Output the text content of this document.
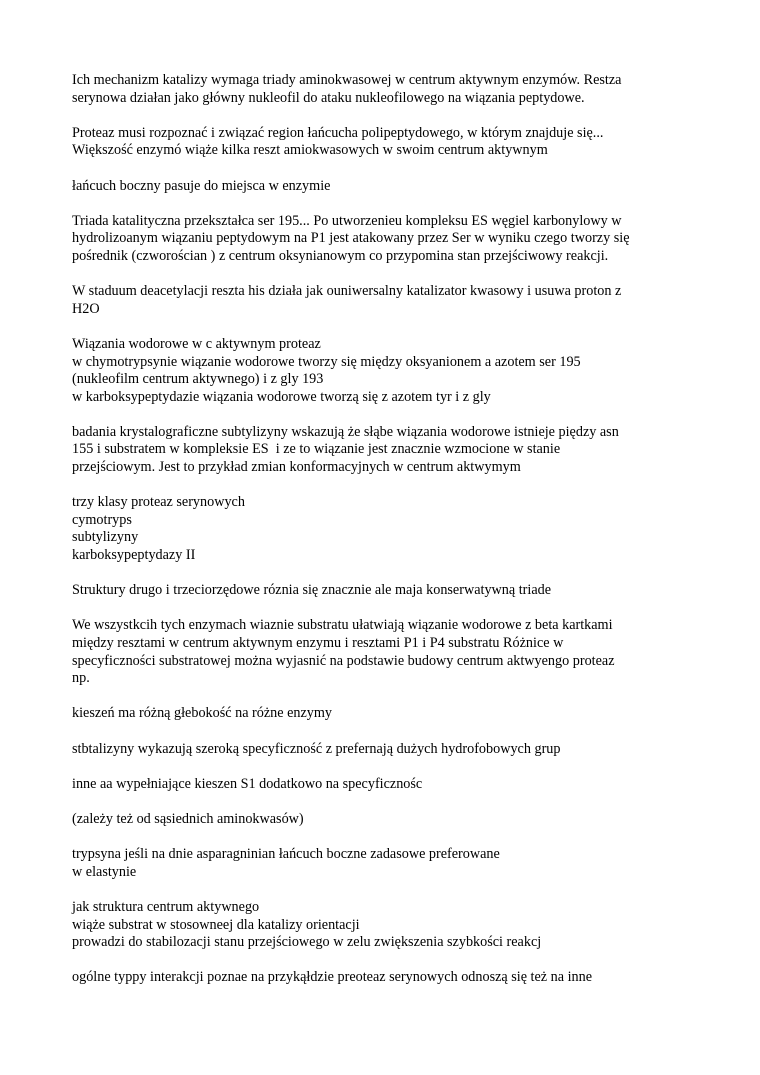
Ich mechanizm katalizy wymaga triady aminokwasowej w centrum aktywnym enzymów. Restza
serynowa działan jako główny nukleofil do ataku nukleofilowego na wiązania peptydowe.

Proteaz musi rozpoznać i związać region łańcucha polipeptydowego, w którym znajduje się...
Większość enzymó wiąże kilka reszt amiokwasowych w swoim centrum aktywnym

łańcuch boczny pasuje do miejsca w enzymie

Triada katalityczna przekształca ser 195... Po utworzenieu kompleksu ES węgiel karbonylowy w
hydrolizoanym wiązaniu peptydowym na P1 jest atakowany przez Ser w wyniku czego tworzy się
pośrednik (czworościan ) z centrum oksynianowym co przypomina stan przejściwowy reakcji.

W staduum deacetylacji reszta his działa jak ouniwersalny katalizator kwasowy i usuwa proton z
H2O

Wiązania wodorowe w c aktywnym proteaz
w chymotrypsynie wiązanie wodorowe tworzy się między oksyanionem a azotem ser 195
(nukleofilm centrum aktywnego) i z gly 193
w karboksypeptydazie wiązania wodorowe tworzą się z azotem tyr i z gly

badania krystalograficzne subtylizyny wskazują że słąbe wiązania wodorowe istnieje piędzy asn
155 i substratem w kompleksie ES  i ze to wiązanie jest znacznie wzmocione w stanie
przejściowym. Jest to przykład zmian konformacyjnych w centrum aktwymym

trzy klasy proteaz serynowych
cymotryps
subtylizyny
karboksypeptydazy II

Struktury drugo i trzeciorzędowe róznia się znacznie ale maja konserwatywną triade

We wszystkcih tych enzymach wiaznie substratu ułatwiają wiązanie wodorowe z beta kartkami
między resztami w centrum aktywnym enzymu i resztami P1 i P4 substratu Różnice w
specyficzności substratowej można wyjasnić na podstawie budowy centrum aktwyengo proteaz
np.

kieszeń ma różną głebokość na różne enzymy

stbtalizyny wykazują szeroką specyficzność z prefernają dużych hydrofobowych grup

inne aa wypełniające kieszen S1 dodatkowo na specyficznośc

(zależy też od sąsiednich aminokwasów)

trypsyna jeśli na dnie asparagninian łańcuch boczne zadasowe preferowane
w elastynie

jak struktura centrum aktywnego
wiąże substrat w stosowneej dla katalizy orientacji
prowadzi do stabilozacji stanu przejściowego w zelu zwiększenia szybkości reakcj

ogólne typpy interakcji poznae na przykąłdzie preoteaz serynowych odnoszą się też na inne
